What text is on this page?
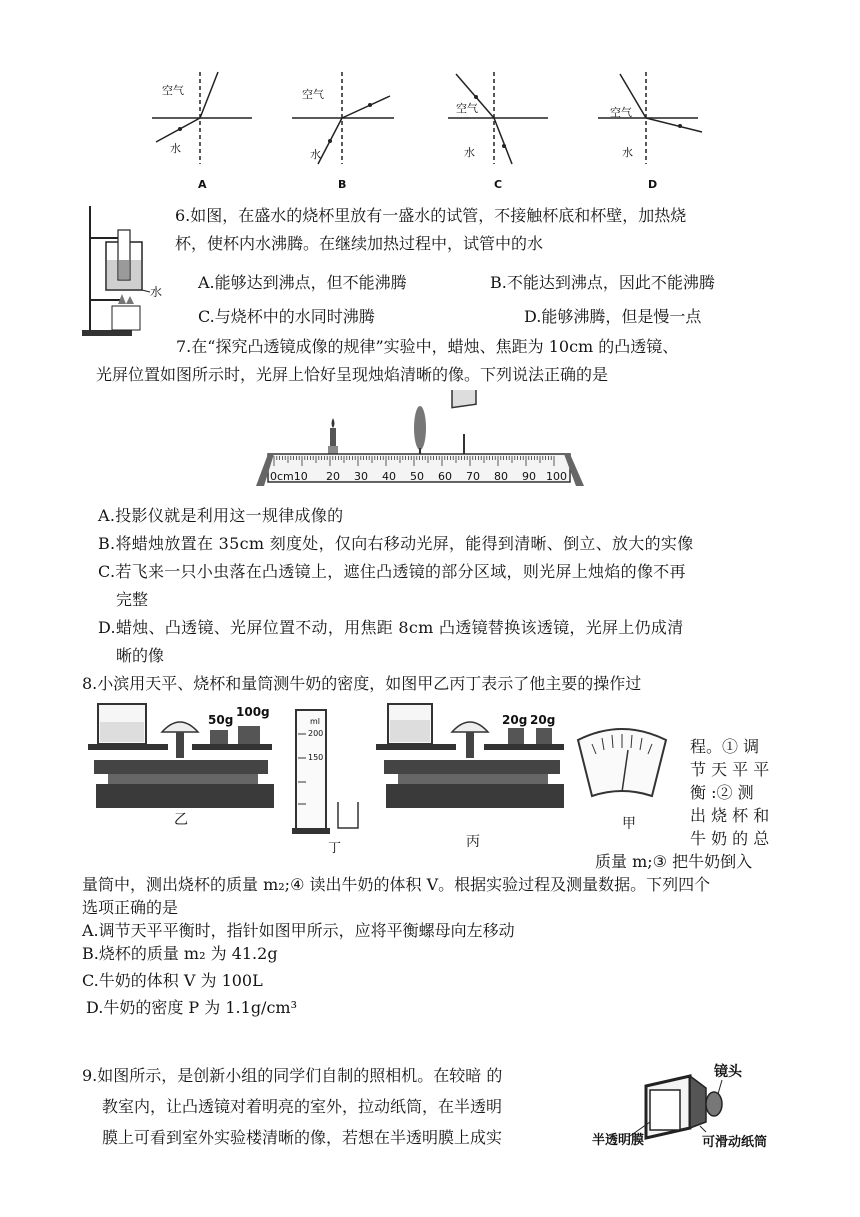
空气
水
A
空气
水
B
空气
水
C
空气
水
D
水
6.如图，在盛水的烧杯里放有一盛水的试管，不接触杯底和杯壁，加热烧
杯，使杯内水沸腾。在继续加热过程中，试管中的水
A.能够达到沸点，但不能沸腾	B.不能达到沸点，因此不能沸腾
C.与烧杯中的水同时沸腾	D.能够沸腾，但是慢一点
7.在“探究凸透镜成像的规律”实验中，蜡烛、焦距为 10cm 的凸透镜、
光屏位置如图所示时，光屏上恰好呈现烛焰清晰的像。下列说法正确的是
0cm10 20 30 40 50 60 70 80 90 100
A.投影仪就是利用这一规律成像的
B.将蜡烛放置在 35cm 刻度处，仅向右移动光屏，能得到清晰、倒立、放大的实像
C.若飞来一只小虫落在凸透镜上，遮住凸透镜的部分区域，则光屏上烛焰的像不再
完整
D.蜡烛、凸透镜、光屏位置不动，用焦距 8cm 凸透镜替换该透镜，光屏上仍成清
晰的像
8.小滨用天平、烧杯和量筒测牛奶的密度，如图甲乙丙丁表示了他主要的操作过
50g
100g
乙
ml
200
150
丁
20g 20g
丙
甲
程。① 调
节 天 平 平
衡 :② 测
出 烧 杯 和
牛 奶 的 总
质量 m;③ 把牛奶倒入
量筒中，测出烧杯的质量 m₂;④ 读出牛奶的体积 V。根据实验过程及测量数据。下列四个
选项正确的是
A.调节天平平衡时，指针如图甲所示，应将平衡螺母向左移动
B.烧杯的质量 m₂ 为 41.2g
C.牛奶的体积 V 为 100L
D.牛奶的密度 P 为 1.1g/cm³
9.如图所示，是创新小组的同学们自制的照相机。在较暗 的
教室内，让凸透镜对着明亮的室外，拉动纸筒，在半透明
膜上可看到室外实验楼清晰的像，若想在半透明膜上成实
镜头
半透明膜	可滑动纸筒
